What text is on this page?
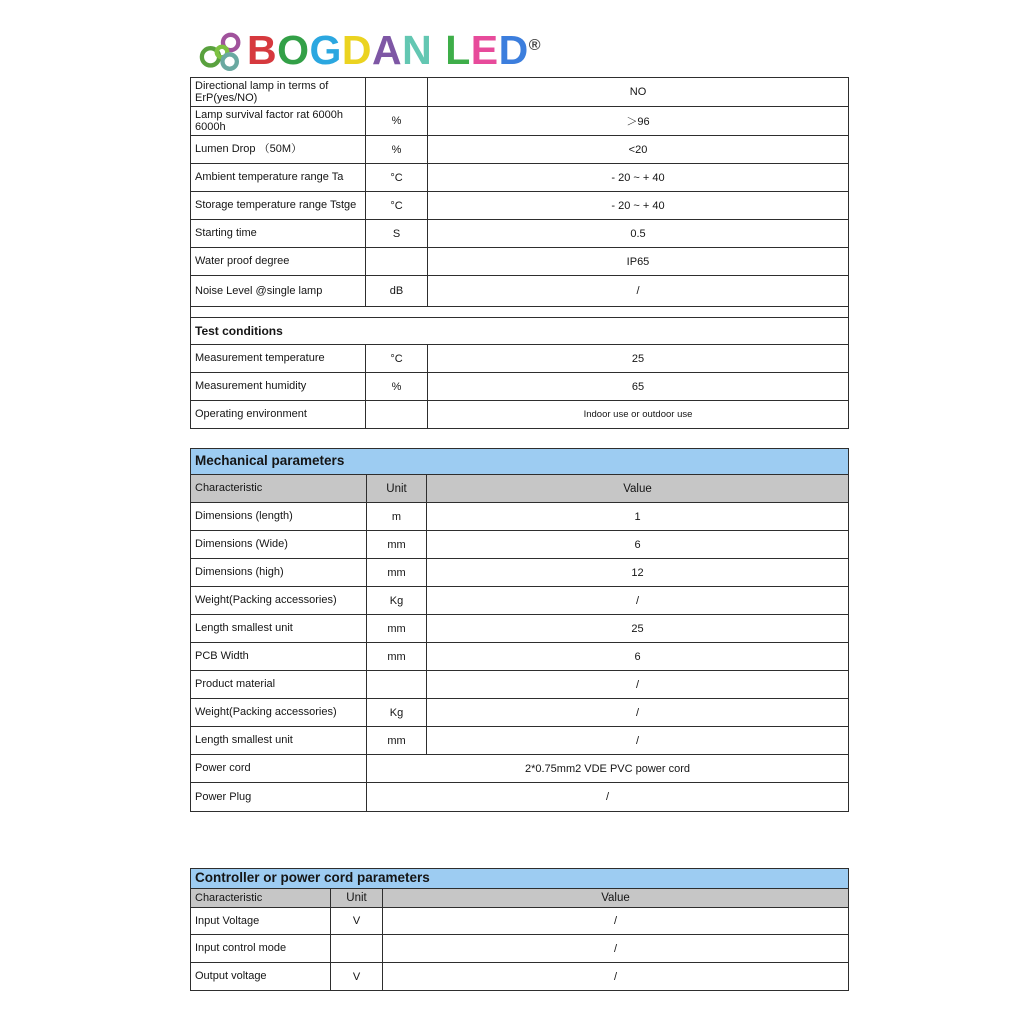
BOGDAN LED®
Directional lamp in terms of ErP(yes/NO)		NO
Lamp survival factor rat 6000h 6000h	%	＞96
Lumen Drop （50M）	%	<20
Ambient temperature range Ta	°C	- 20 ~ + 40
Storage temperature range Tstge	°C	- 20 ~ + 40
Starting time	S	0.5
Water proof degree		IP65
Noise Level @single lamp	dB	/

Test conditions		
Measurement temperature	°C	25
Measurement humidity	%	65
Operating environment		Indoor use or outdoor use
Mechanical parameters		
Characteristic	Unit	Value
Dimensions (length)	m	1
Dimensions (Wide)	mm	6
Dimensions (high)	mm	12
Weight(Packing accessories)	Kg	/
Length smallest unit	mm	25
PCB Width	mm	6
Product material		/
Weight(Packing accessories)	Kg	/
Length smallest unit	mm	/
Power cord	2*0.75mm2 VDE PVC power cord	
Power Plug	/	
Controller or power cord parameters		
Characteristic	Unit	Value
Input Voltage	V	/
Input control mode		/
Output voltage	V	/
